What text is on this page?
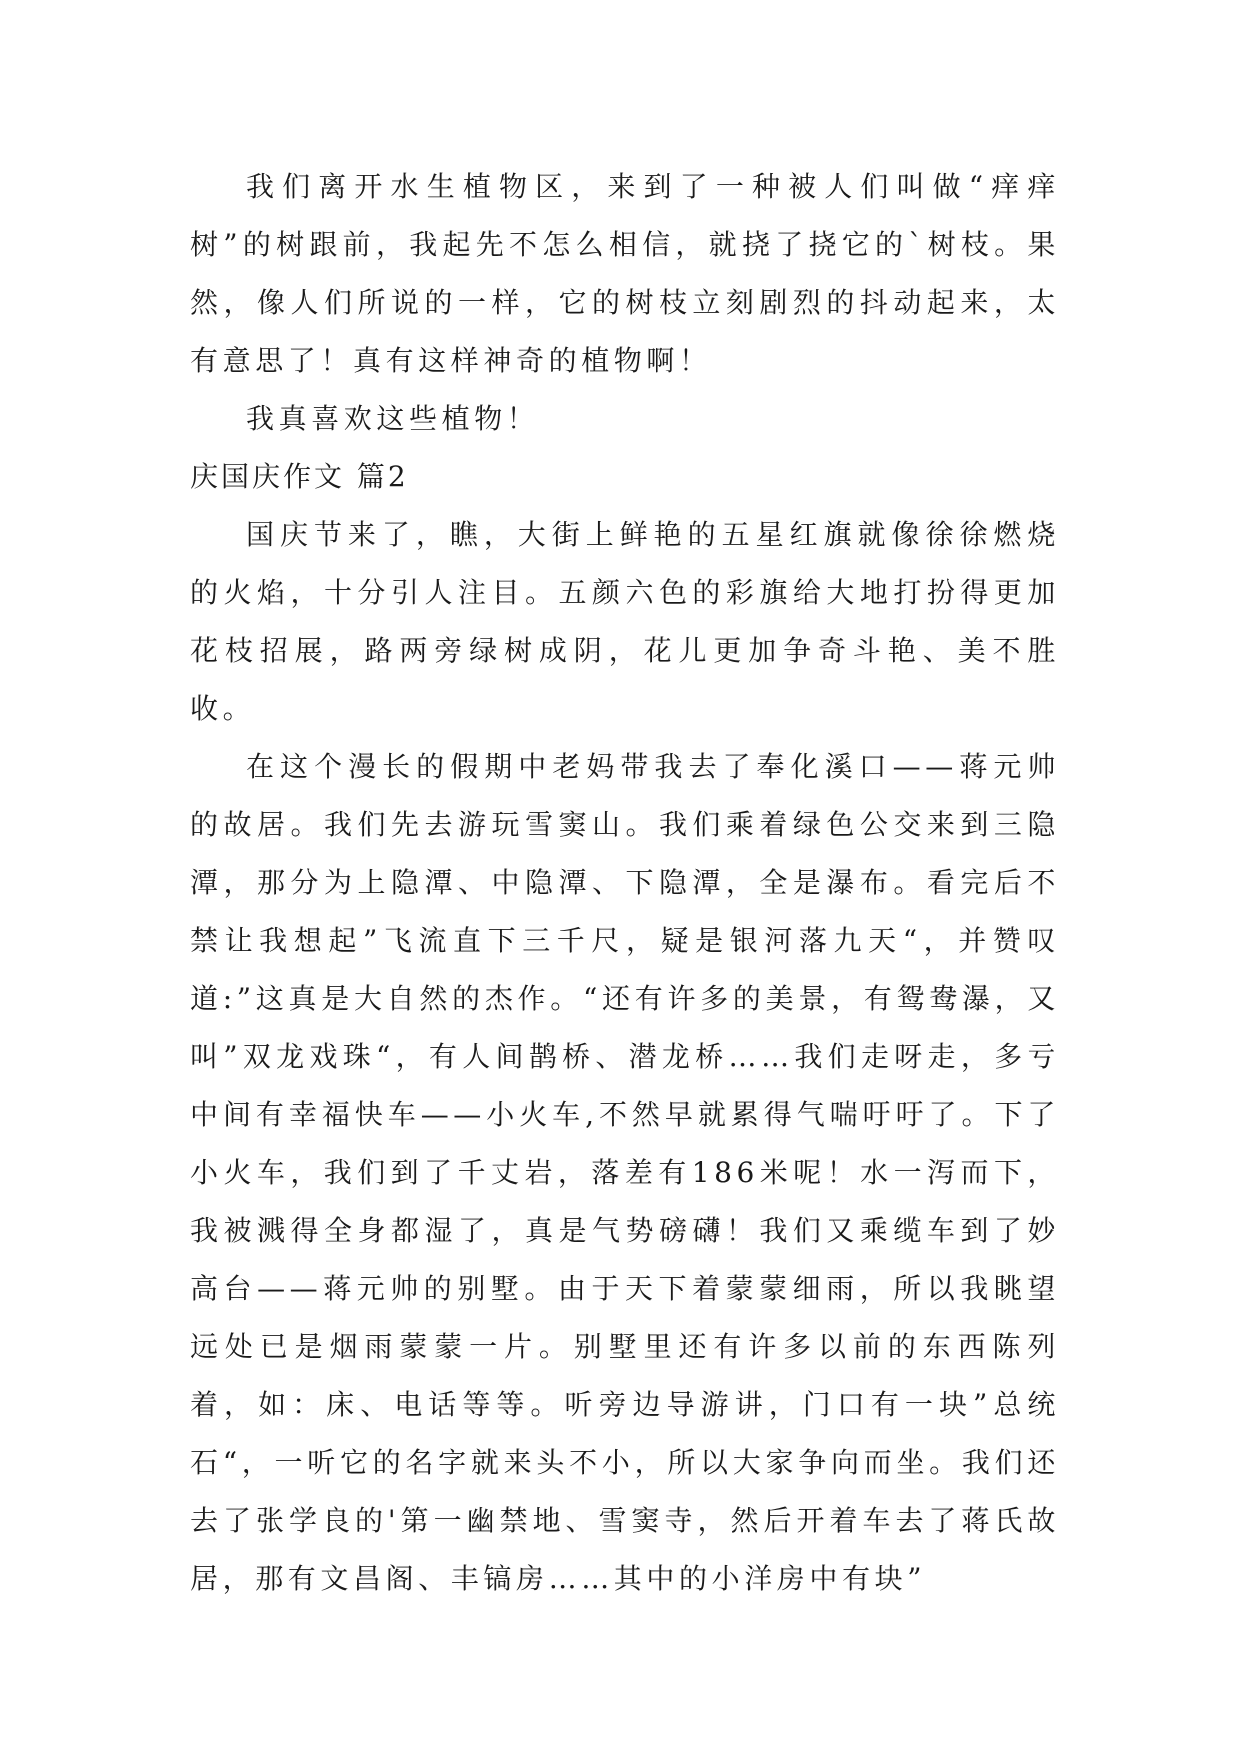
我们离开水生植物区，来到了一种被人们叫做“痒痒树”的树跟前，我起先不怎么相信，就挠了挠它的`树枝。果然，像人们所说的一样，它的树枝立刻剧烈的抖动起来，太有意思了！真有这样神奇的植物啊！

我真喜欢这些植物！

庆国庆作文 篇2

国庆节来了，瞧，大街上鲜艳的五星红旗就像徐徐燃烧的火焰，十分引人注目。五颜六色的彩旗给大地打扮得更加花枝招展，路两旁绿树成阴，花儿更加争奇斗艳、美不胜收。

在这个漫长的假期中老妈带我去了奉化溪口——蒋元帅的故居。我们先去游玩雪窦山。我们乘着绿色公交来到三隐潭，那分为上隐潭、中隐潭、下隐潭，全是瀑布。看完后不禁让我想起”飞流直下三千尺，疑是银河落九天“，并赞叹道:”这真是大自然的杰作。“还有许多的美景，有鸳鸯瀑，又叫”双龙戏珠“，有人间鹊桥、潜龙桥……我们走呀走，多亏中间有幸福快车——小火车,不然早就累得气喘吁吁了。下了小火车，我们到了千丈岩，落差有186米呢！水一泻而下，我被溅得全身都湿了，真是气势磅礴！我们又乘缆车到了妙高台——蒋元帅的别墅。由于天下着蒙蒙细雨，所以我眺望远处已是烟雨蒙蒙一片。别墅里还有许多以前的东西陈列着，如：床、电话等等。听旁边导游讲，门口有一块”总统石“，一听它的名字就来头不小，所以大家争向而坐。我们还去了张学良的'第一幽禁地、雪窦寺，然后开着车去了蒋氏故居，那有文昌阁、丰镐房……其中的小洋房中有块”
